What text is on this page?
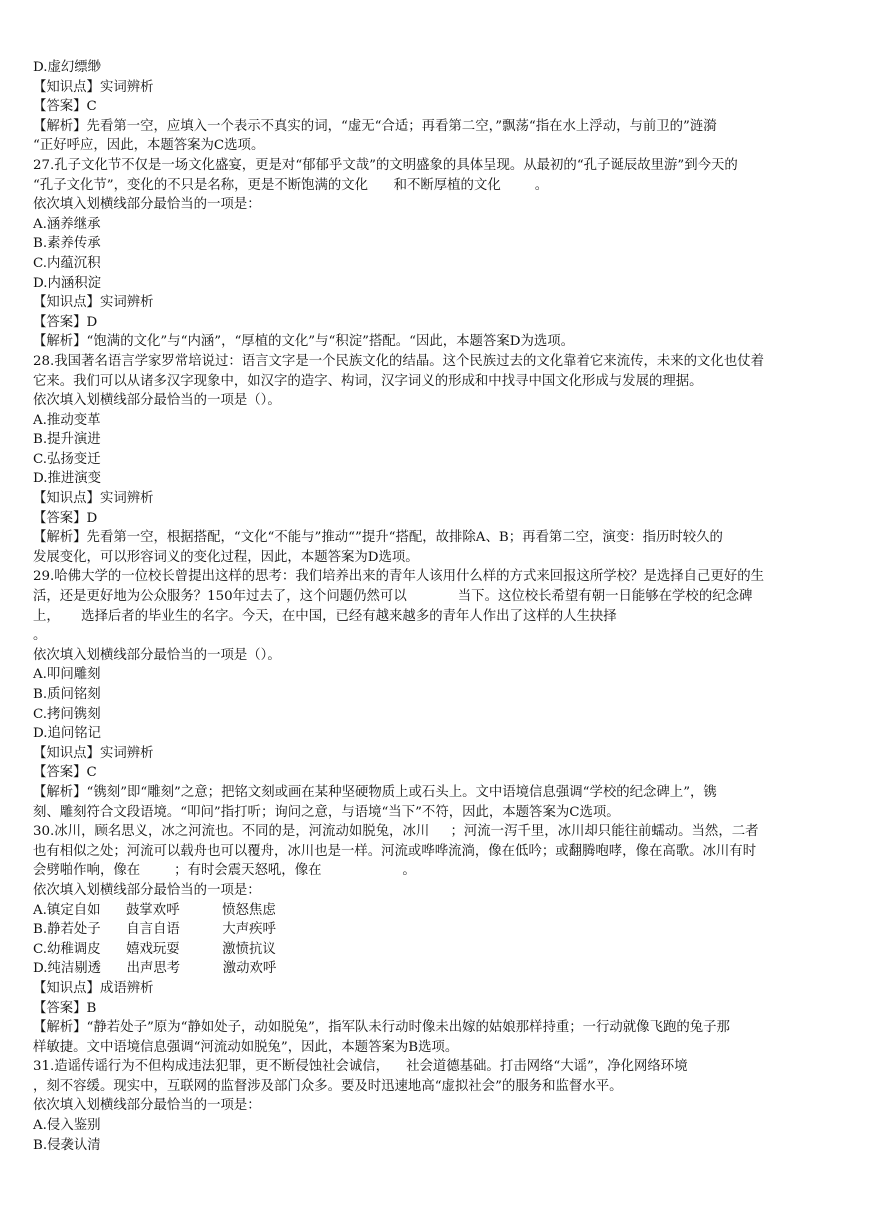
D.虚幻缥缈
【知识点】实词辨析
【答案】C
【解析】先看第一空，应填入一个表示不真实的词，“虚无“合适；再看第二空，”飘荡“指在水上浮动，与前卫的”涟漪
“正好呼应，因此，本题答案为C选项。
27.孔子文化节不仅是一场文化盛宴，更是对“郁郁乎文哉”的文明盛象的具体呈现。从最初的“孔子诞辰故里游”到今天的
“孔子文化节”，变化的不只是名称，更是不断饱满的文化      和不断厚植的文化        。
依次填入划横线部分最恰当的一项是：
A.涵养继承
B.素养传承
C.内蕴沉积
D.内涵积淀
【知识点】实词辨析
【答案】D
【解析】“饱满的文化”与“内涵”，“厚植的文化”与“积淀”搭配。“因此，本题答案D为选项。
28.我国著名语言学家罗常培说过：语言文字是一个民族文化的结晶。这个民族过去的文化靠着它来流传，未来的文化也仗着
它来。我们可以从诸多汉字现象中，如汉字的造字、构词，汉字词义的形成和中找寻中国文化形成与发展的理据。
依次填入划横线部分最恰当的一项是（）。
A.推动变革
B.提升演进
C.弘扬变迁
D.推进演变
【知识点】实词辨析
【答案】D
【解析】先看第一空，根据搭配，“文化“不能与”推动“”提升“搭配，故排除A、B；再看第二空，演变：指历时较久的
发展变化，可以形容词义的变化过程，因此，本题答案为D选项。
29.哈佛大学的一位校长曾提出这样的思考：我们培养出来的青年人该用什么样的方式来回报这所学校？是选择自己更好的生
活，还是更好地为公众服务？150年过去了，这个问题仍然可以            当下。这位校长希望有朝一日能够在学校的纪念碑
上，     选择后者的毕业生的名字。今天，在中国，已经有越来越多的青年人作出了这样的人生抉择
。
依次填入划横线部分最恰当的一项是（）。
A.叩问雕刻
B.质问铭刻
C.拷问镌刻
D.追问铭记
【知识点】实词辨析
【答案】C
【解析】“镌刻”即“雕刻”之意；把铭文刻或画在某种坚硬物质上或石头上。文中语境信息强调“学校的纪念碑上”，镌
刻、雕刻符合文段语境。“叩问”指打听；询问之意，与语境“当下”不符，因此，本题答案为C选项。
30.冰川，顾名思义，冰之河流也。不同的是，河流动如脱兔，冰川     ；河流一泻千里，冰川却只能往前蠕动。当然，二者
也有相似之处；河流可以载舟也可以覆舟，冰川也是一样。河流或哗哗流淌，像在低吟；或翻腾咆哮，像在高歌。冰川有时
会劈啪作响，像在        ；有时会震天怒吼，像在                   。
依次填入划横线部分最恰当的一项是：
A.镇定自如      鼓掌欢呼          愤怒焦虑
B.静若处子      自言自语          大声疾呼
C.幼稚调皮      嬉戏玩耍          激愤抗议
D.纯洁剔透      出声思考          激动欢呼
【知识点】成语辨析
【答案】B
【解析】“静若处子”原为“静如处子，动如脱兔”，指军队未行动时像未出嫁的姑娘那样持重；一行动就像飞跑的兔子那
样敏捷。文中语境信息强调“河流动如脱兔”，因此，本题答案为B选项。
31.造谣传谣行为不但构成违法犯罪，更不断侵蚀社会诚信，    社会道德基础。打击网络“大谣”，净化网络环境
，刻不容缓。现实中，互联网的监督涉及部门众多。要及时迅速地高“虚拟社会”的服务和监督水平。
依次填入划横线部分最恰当的一项是：
A.侵入鉴别
B.侵袭认清
